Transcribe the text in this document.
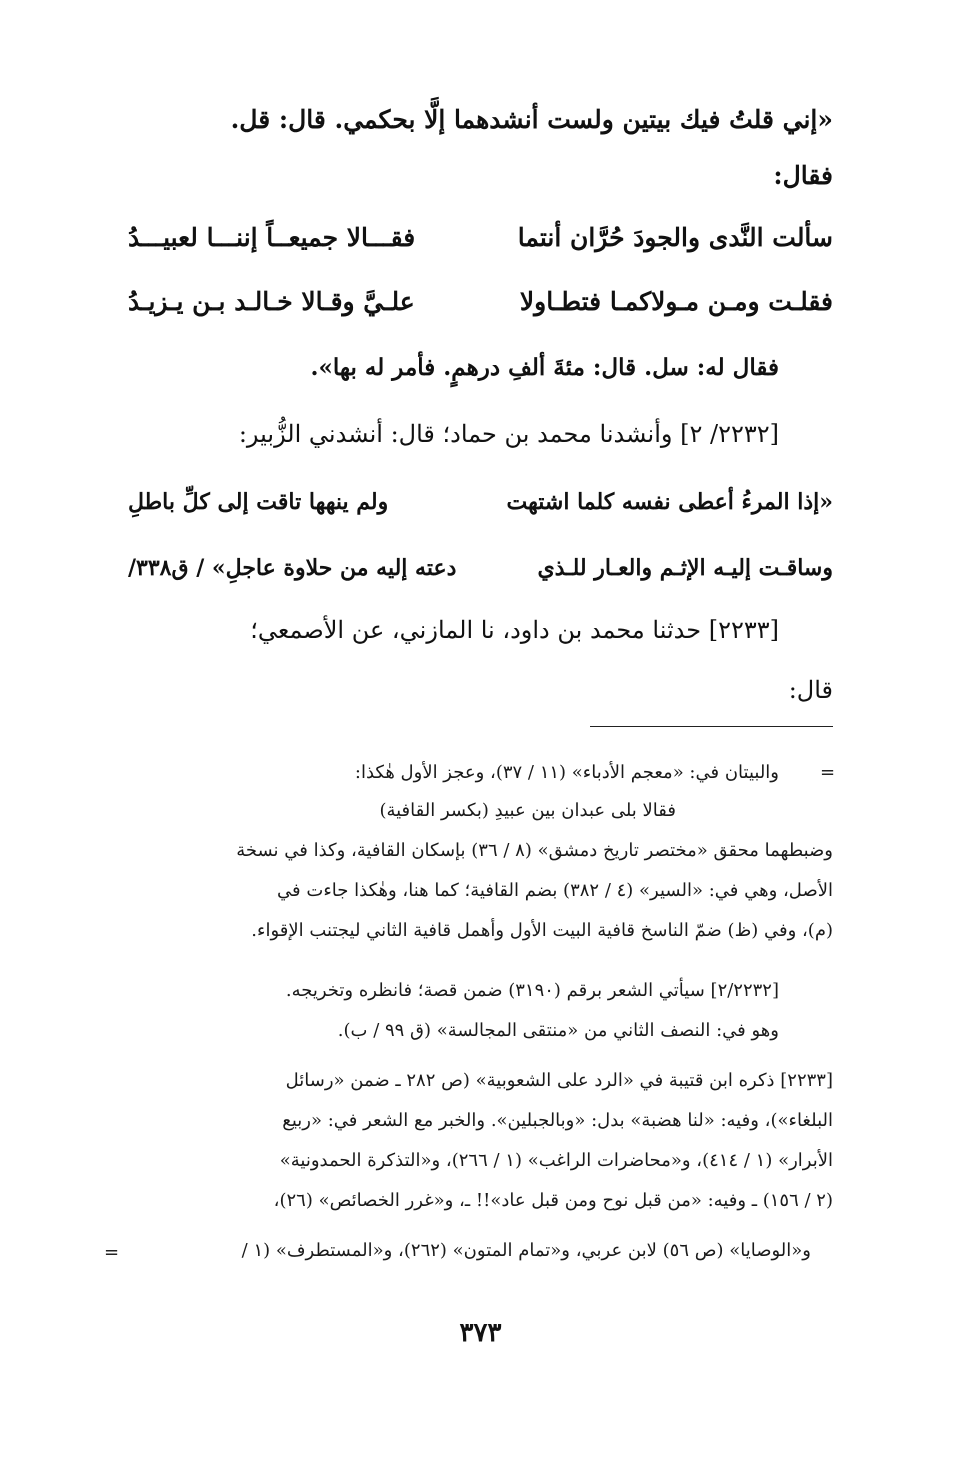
«إني قلتُ فيك بيتين ولست أنشدهما إلَّا بحكمي. قال: قل.
فقال:
سألت النَّدى والجودَ حُرَّان أنتما
فقـــالا جميعــاً إننـــا لعبيـــدُ
فقلـت ومـن مـولاكمـا فتطـاولا
علـيَّ وقـالا خـالـد بـن يـزيـدُ
فقال له: سل. قال: مئةَ ألفِ درهمٍ. فأمر له بها».
[٢٢٣٢/ ٢] وأنشدنا محمد بن حماد؛ قال: أنشدني الزُّبير:
«إذا المرءُ أعطى نفسه كلما اشتهت
ولم ينهها تاقت إلى كلِّ باطلِ
وساقـت إليـه الإثـم والعـار للـذي
دعته إليه من حلاوة عاجلِ» / ق٣٣٨/
[٢٢٣٣] حدثنا محمد بن داود، نا المازني، عن الأصمعي؛
قال:
=
والبيتان في: «معجم الأدباء» (١١ / ٣٧)، وعجز الأول هٰكذا:
فقالا بلى عبدان بين عبيدِ (بكسر القافية)
وضبطهما محقق «مختصر تاريخ دمشق» (٨ / ٣٦) بإسكان القافية، وكذا في نسخة
الأصل، وهي في: «السير» (٤ / ٣٨٢) بضم القافية؛ كما هنا، وهٰكذا جاءت في
(م)، وفي (ظ) ضمّ الناسخ قافية البيت الأول وأهمل قافية الثاني ليجتنب الإقواء.
[٢/٢٢٣٢] سيأتي الشعر برقم (٣١٩٠) ضمن قصة؛ فانظره وتخريجه.
وهو في: النصف الثاني من «منتقى المجالسة» (ق ٩٩ / ب).
[٢٢٣٣] ذكره ابن قتيبة في «الرد على الشعوبية» (ص ٢٨٢ ـ ضمن «رسائل
البلغاء»)، وفيه: «لنا هضبة» بدل: «وبالجبلين». والخبر مع الشعر في: «ربيع
الأبرار» (١ / ٤١٤)، و«محاضرات الراغب» (١ / ٢٦٦)، و«التذكرة الحمدونية»
(٢ / ١٥٦) ـ وفيه: «من قبل نوح ومن قبل عاد»!! ـ، و«غرر الخصائص» (٢٦)،
و«الوصايا» (ص ٥٦) لابن عربي، و«تمام المتون» (٢٦٢)، و«المستطرف» (١ /
=
٣٧٣
